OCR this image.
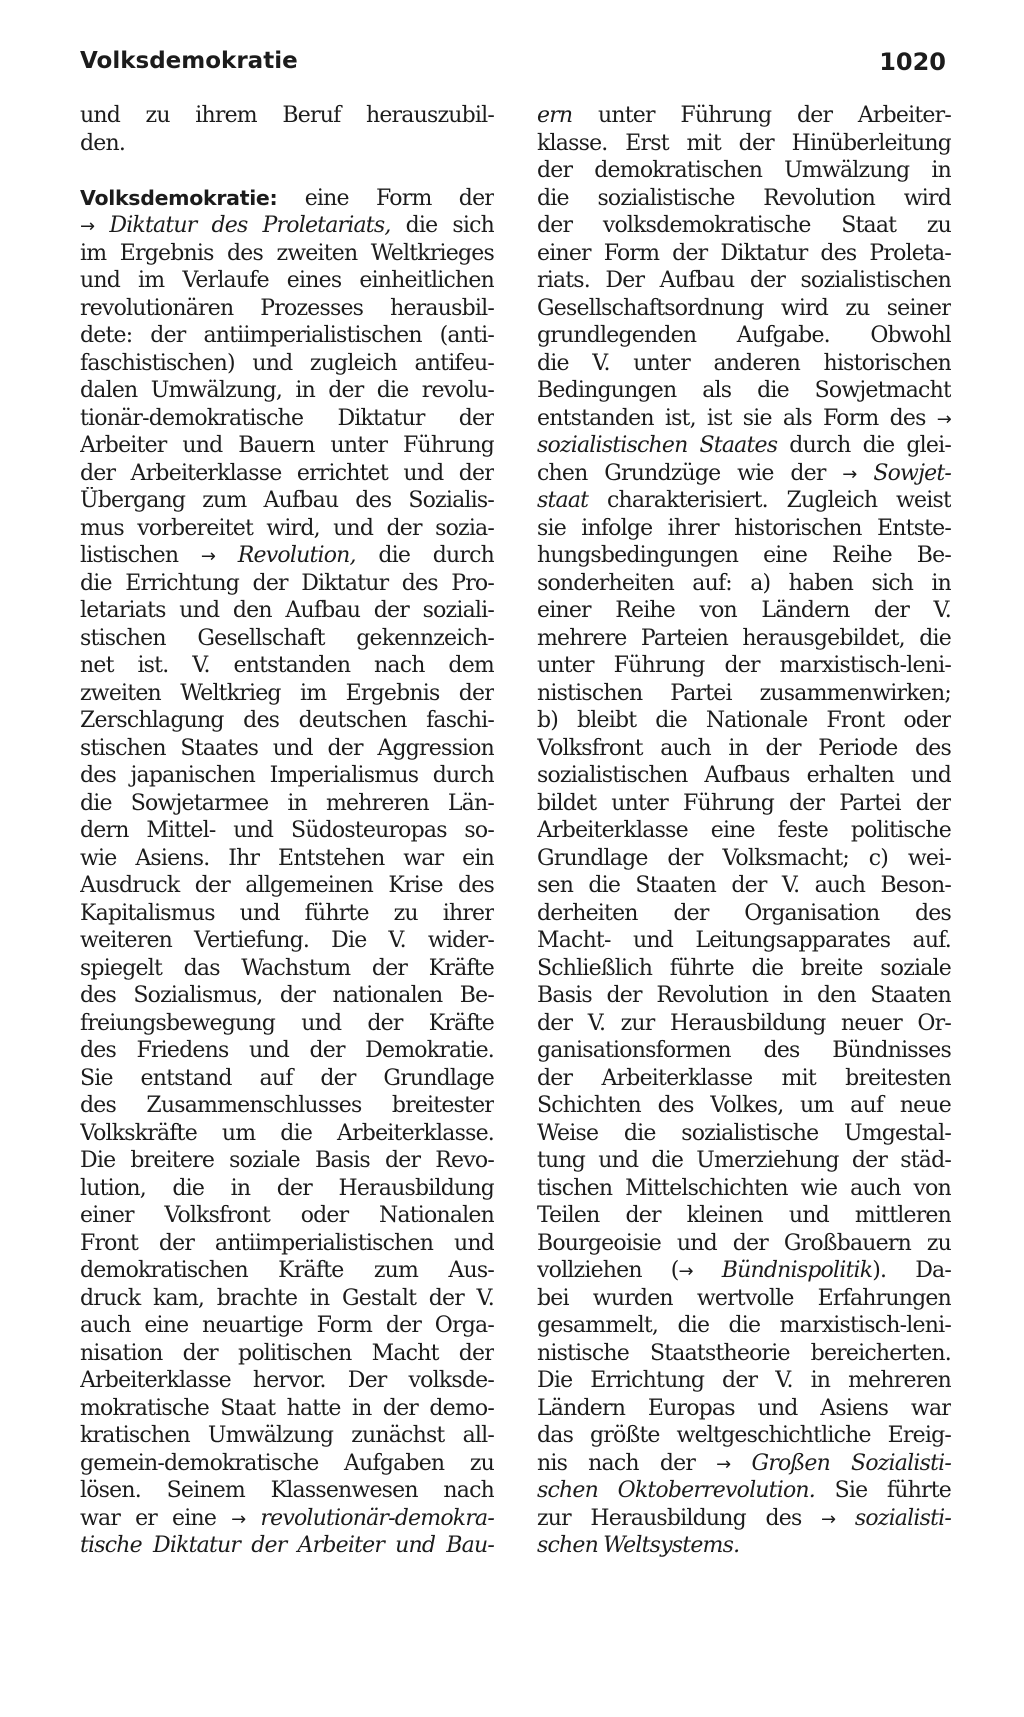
Volksdemokratie	1020
und zu ihrem Beruf herauszubil-
den.
Volksdemokratie: eine Form der
→ Diktatur des Proletariats, die sich
im Ergebnis des zweiten Weltkrieges
und im Verlaufe eines einheitlichen
revolutionären Prozesses herausbil-
dete: der antiimperialistischen (anti-
faschistischen) und zugleich antifeu-
dalen Umwälzung, in der die revolu-
tionär-demokratische Diktatur der
Arbeiter und Bauern unter Führung
der Arbeiterklasse errichtet und der
Übergang zum Aufbau des Sozialis-
mus vorbereitet wird, und der sozia-
listischen → Revolution, die durch
die Errichtung der Diktatur des Pro-
letariats und den Aufbau der soziali-
stischen Gesellschaft gekennzeich-
net ist. V. entstanden nach dem
zweiten Weltkrieg im Ergebnis der
Zerschlagung des deutschen faschi-
stischen Staates und der Aggression
des japanischen Imperialismus durch
die Sowjetarmee in mehreren Län-
dern Mittel- und Südosteuropas so-
wie Asiens. Ihr Entstehen war ein
Ausdruck der allgemeinen Krise des
Kapitalismus und führte zu ihrer
weiteren Vertiefung. Die V. wider-
spiegelt das Wachstum der Kräfte
des Sozialismus, der nationalen Be-
freiungsbewegung und der Kräfte
des Friedens und der Demokratie.
Sie entstand auf der Grundlage
des Zusammenschlusses breitester
Volkskräfte um die Arbeiterklasse.
Die breitere soziale Basis der Revo-
lution, die in der Herausbildung
einer Volksfront oder Nationalen
Front der antiimperialistischen und
demokratischen Kräfte zum Aus-
druck kam, brachte in Gestalt der V.
auch eine neuartige Form der Orga-
nisation der politischen Macht der
Arbeiterklasse hervor. Der volksde-
mokratische Staat hatte in der demo-
kratischen Umwälzung zunächst all-
gemein-demokratische Aufgaben zu
lösen. Seinem Klassenwesen nach
war er eine → revolutionär-demokra-
tische Diktatur der Arbeiter und Bau-
ern unter Führung der Arbeiter-
klasse. Erst mit der Hinüberleitung
der demokratischen Umwälzung in
die sozialistische Revolution wird
der volksdemokratische Staat zu
einer Form der Diktatur des Proleta-
riats. Der Aufbau der sozialistischen
Gesellschaftsordnung wird zu seiner
grundlegenden Aufgabe. Obwohl
die V. unter anderen historischen
Bedingungen als die Sowjetmacht
entstanden ist, ist sie als Form des →
sozialistischen Staates durch die glei-
chen Grundzüge wie der → Sowjet-
staat charakterisiert. Zugleich weist
sie infolge ihrer historischen Entste-
hungsbedingungen eine Reihe Be-
sonderheiten auf: a) haben sich in
einer Reihe von Ländern der V.
mehrere Parteien herausgebildet, die
unter Führung der marxistisch-leni-
nistischen Partei zusammenwirken;
b) bleibt die Nationale Front oder
Volksfront auch in der Periode des
sozialistischen Aufbaus erhalten und
bildet unter Führung der Partei der
Arbeiterklasse eine feste politische
Grundlage der Volksmacht; c) wei-
sen die Staaten der V. auch Beson-
derheiten der Organisation des
Macht- und Leitungsapparates auf.
Schließlich führte die breite soziale
Basis der Revolution in den Staaten
der V. zur Herausbildung neuer Or-
ganisationsformen des Bündnisses
der Arbeiterklasse mit breitesten
Schichten des Volkes, um auf neue
Weise die sozialistische Umgestal-
tung und die Umerziehung der städ-
tischen Mittelschichten wie auch von
Teilen der kleinen und mittleren
Bourgeoisie und der Großbauern zu
vollziehen (→ Bündnispolitik). Da-
bei wurden wertvolle Erfahrungen
gesammelt, die die marxistisch-leni-
nistische Staatstheorie bereicherten.
Die Errichtung der V. in mehreren
Ländern Europas und Asiens war
das größte weltgeschichtliche Ereig-
nis nach der → Großen Sozialisti-
schen Oktoberrevolution. Sie führte
zur Herausbildung des → sozialisti-
schen Weltsystems.
